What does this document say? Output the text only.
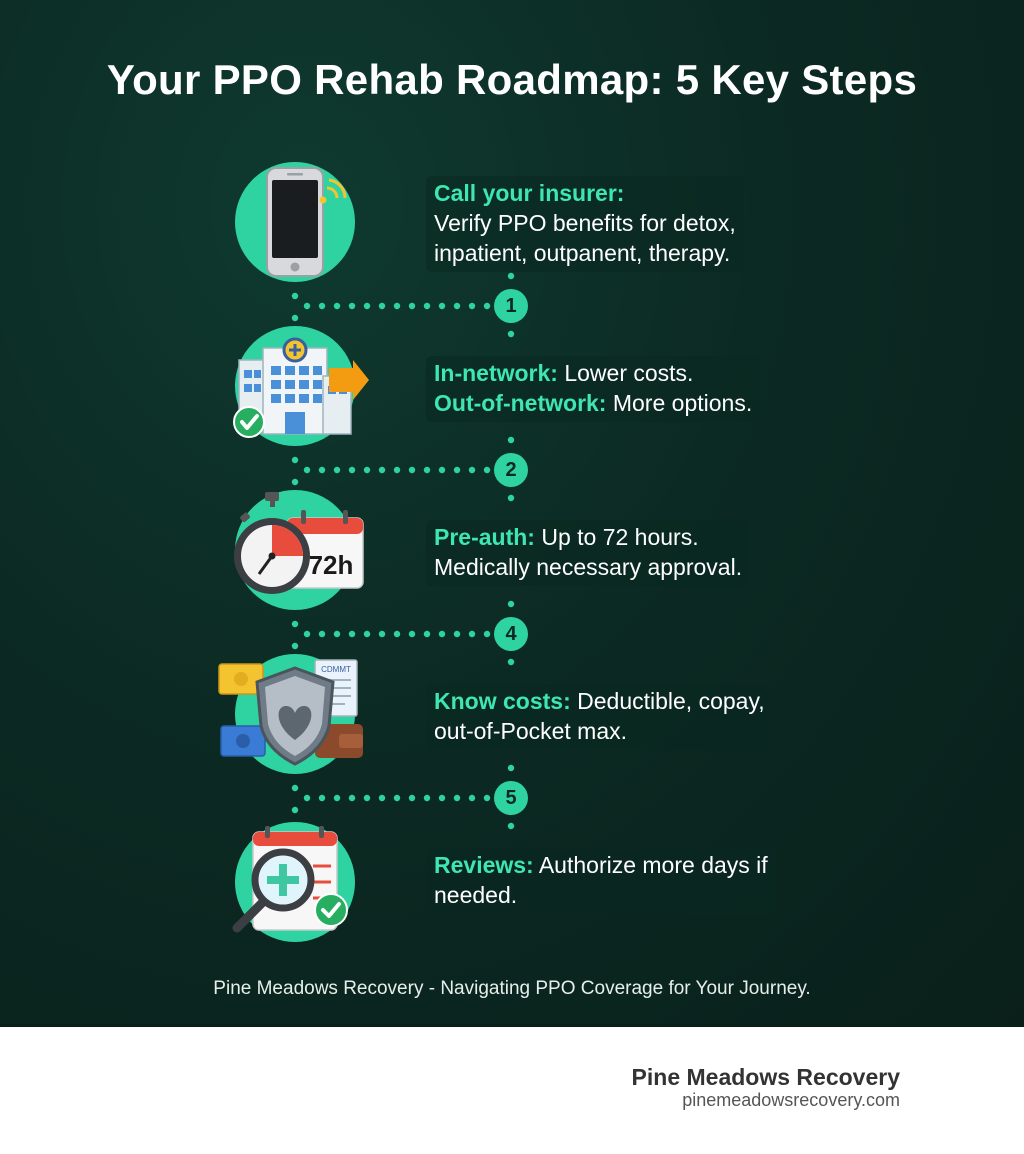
Your PPO Rehab Roadmap: 5 Key Steps
Call your insurer:
Verify PPO benefits for detox,
inpatient, outpanent, therapy.
1
In-network: Lower costs.
Out-of-network: More options.
2
72h
Pre-auth: Up to 72 hours.
Medically necessary approval.
4
CDMMT
Know costs: Deductible, copay,
out-of-Pocket max.
5
Reviews: Authorize more days if
needed.
Pine Meadows Recovery - Navigating PPO Coverage for Your Journey.
Pine Meadows Recovery
pinemeadowsrecovery.com
